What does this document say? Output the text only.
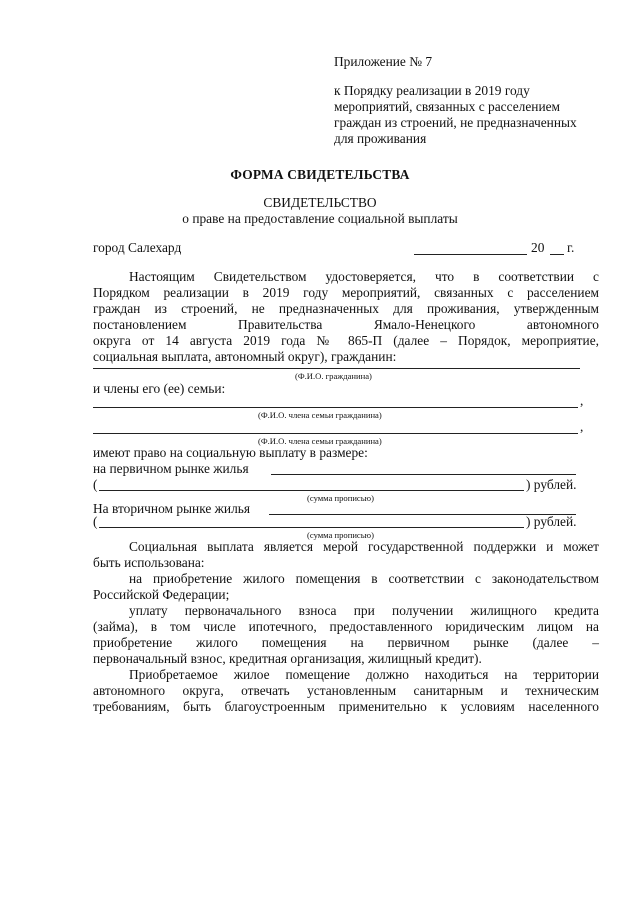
Приложение № 7
к Порядку реализации в 2019 году
мероприятий, связанных с расселением
граждан из строений, не предназначенных
для проживания
ФОРМА СВИДЕТЕЛЬСТВА
СВИДЕТЕЛЬСТВО
о праве на предоставление социальной выплаты
город Салехард	20 г.
Настоящим Свидетельством удостоверяется, что в соответствии с
Порядком реализации в 2019 году мероприятий, связанных с расселением
граждан из строений, не предназначенных для проживания, утвержденным
постановлением Правительства Ямало-Ненецкого автономного
округа от 14 августа 2019 года № 865-П (далее – Порядок, мероприятие,
социальная выплата, автономный округ), гражданин:
(Ф.И.О. гражданина)
и члены его (ее) семьи:
,
(Ф.И.О. члена семьи гражданина)
,
(Ф.И.О. члена семьи гражданина)
имеют право на социальную выплату в размере:
на первичном рынке жилья
(	) рублей.
(сумма прописью)
На вторичном рынке жилья
(	) рублей.
(сумма прописью)
Социальная выплата является мерой государственной поддержки и может
быть использована:
на приобретение жилого помещения в соответствии с законодательством
Российской Федерации;
уплату первоначального взноса при получении жилищного кредита
(займа), в том числе ипотечного, предоставленного юридическим лицом на
приобретение жилого помещения на первичном рынке (далее –
первоначальный взнос, кредитная организация, жилищный кредит).
Приобретаемое жилое помещение должно находиться на территории
автономного округа, отвечать установленным санитарным и техническим
требованиям, быть благоустроенным применительно к условиям населенного
